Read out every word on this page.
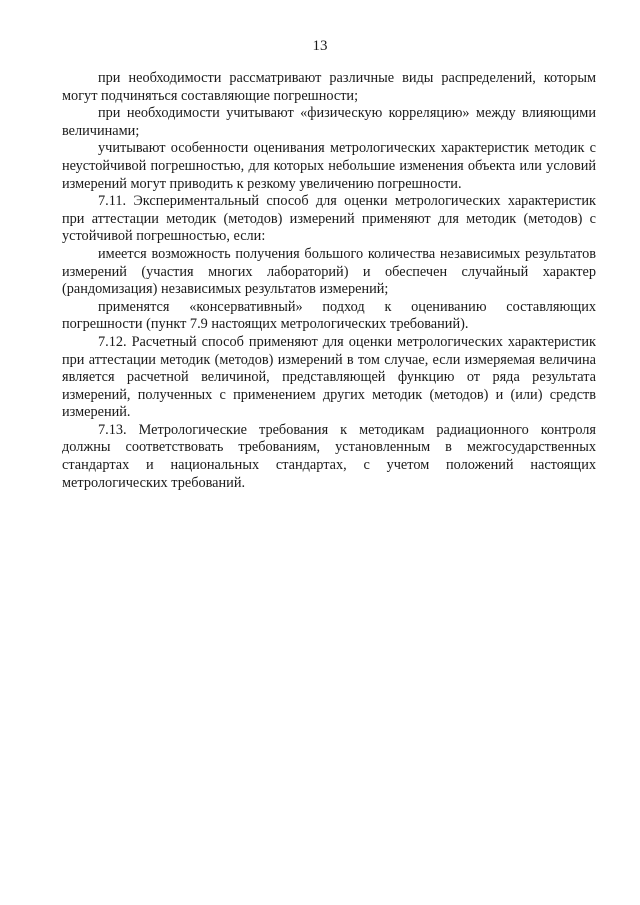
13

при необходимости рассматривают различные виды распределений, которым могут подчиняться составляющие погрешности;

при необходимости учитывают «физическую корреляцию» между влияющими величинами;

учитывают особенности оценивания метрологических характеристик методик с неустойчивой погрешностью, для которых небольшие изменения объекта или условий измерений могут приводить к резкому увеличению погрешности.

7.11. Экспериментальный способ для оценки метрологических характеристик при аттестации методик (методов) измерений применяют для методик (методов) с устойчивой погрешностью, если:

имеется возможность получения большого количества независимых результатов измерений (участия многих лабораторий) и обеспечен случайный характер (рандомизация) независимых результатов измерений;

применятся «консервативный» подход к оцениванию составляющих погрешности (пункт 7.9 настоящих метрологических требований).

7.12. Расчетный способ применяют для оценки метрологических характеристик при аттестации методик (методов) измерений в том случае, если измеряемая величина является расчетной величиной, представляющей функцию от ряда результата измерений, полученных с применением других методик (методов) и (или) средств измерений.

7.13. Метрологические требования к методикам радиационного контроля должны соответствовать требованиям, установленным в межгосударственных стандартах и национальных стандартах, с учетом положений настоящих метрологических требований.
